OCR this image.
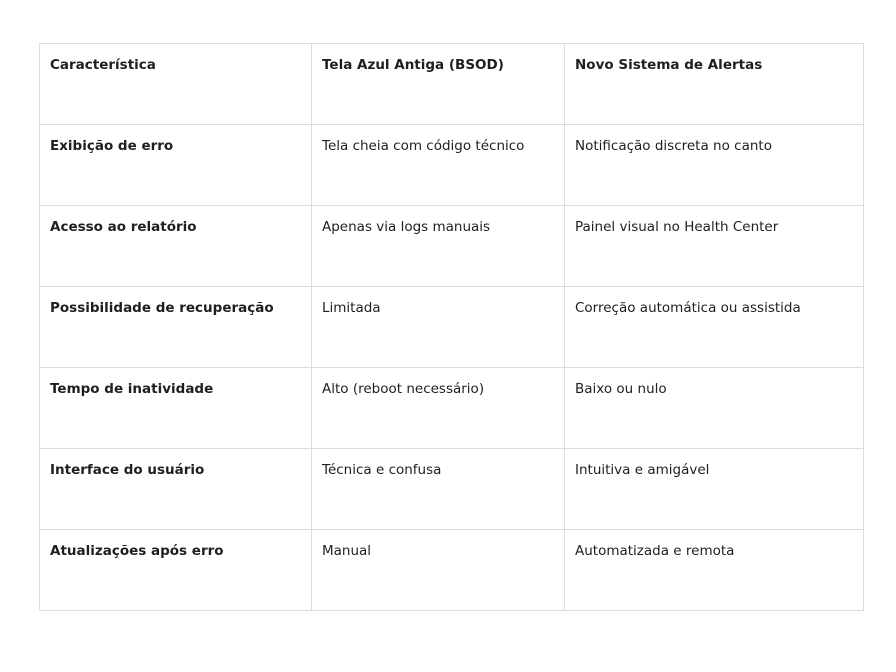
Característica	Tela Azul Antiga (BSOD)	Novo Sistema de Alertas
Exibição de erro	Tela cheia com código técnico	Notificação discreta no canto
Acesso ao relatório	Apenas via logs manuais	Painel visual no Health Center
Possibilidade de recuperação	Limitada	Correção automática ou assistida
Tempo de inatividade	Alto (reboot necessário)	Baixo ou nulo
Interface do usuário	Técnica e confusa	Intuitiva e amigável
Atualizações após erro	Manual	Automatizada e remota
